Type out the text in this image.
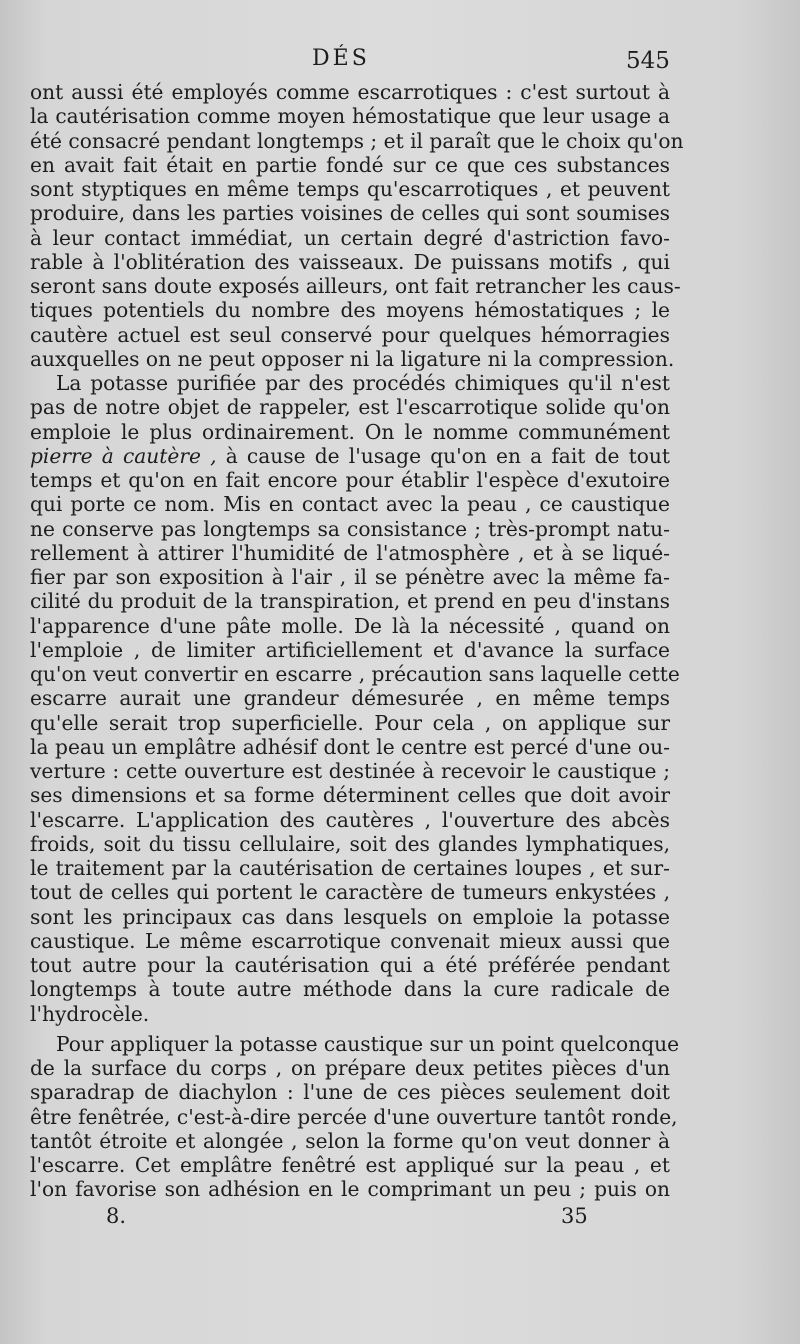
DÉS	545
ont aussi été employés comme escarrotiques : c'est surtout à
la cautérisation comme moyen hémostatique que leur usage a
été consacré pendant longtemps ; et il paraît que le choix qu'on
en avait fait était en partie fondé sur ce que ces substances
sont styptiques en même temps qu'escarrotiques , et peuvent
produire, dans les parties voisines de celles qui sont soumises
à leur contact immédiat, un certain degré d'astriction favo-
rable à l'oblitération des vaisseaux. De puissans motifs , qui
seront sans doute exposés ailleurs, ont fait retrancher les caus-
tiques potentiels du nombre des moyens hémostatiques ; le
cautère actuel est seul conservé pour quelques hémorragies
auxquelles on ne peut opposer ni la ligature ni la compression.
La potasse purifiée par des procédés chimiques qu'il n'est
pas de notre objet de rappeler, est l'escarrotique solide qu'on
emploie le plus ordinairement. On le nomme communément
pierre à cautère , à cause de l'usage qu'on en a fait de tout
temps et qu'on en fait encore pour établir l'espèce d'exutoire
qui porte ce nom. Mis en contact avec la peau , ce caustique
ne conserve pas longtemps sa consistance ; très-prompt natu-
rellement à attirer l'humidité de l'atmosphère , et à se liqué-
fier par son exposition à l'air , il se pénètre avec la même fa-
cilité du produit de la transpiration, et prend en peu d'instans
l'apparence d'une pâte molle. De là la nécessité , quand on
l'emploie , de limiter artificiellement et d'avance la surface
qu'on veut convertir en escarre , précaution sans laquelle cette
escarre aurait une grandeur démesurée , en même temps
qu'elle serait trop superficielle. Pour cela , on applique sur
la peau un emplâtre adhésif dont le centre est percé d'une ou-
verture : cette ouverture est destinée à recevoir le caustique ;
ses dimensions et sa forme déterminent celles que doit avoir
l'escarre. L'application des cautères , l'ouverture des abcès
froids, soit du tissu cellulaire, soit des glandes lymphatiques,
le traitement par la cautérisation de certaines loupes , et sur-
tout de celles qui portent le caractère de tumeurs enkystées ,
sont les principaux cas dans lesquels on emploie la potasse
caustique. Le même escarrotique convenait mieux aussi que
tout autre pour la cautérisation qui a été préférée pendant
longtemps à toute autre méthode dans la cure radicale de
l'hydrocèle.
Pour appliquer la potasse caustique sur un point quelconque
de la surface du corps , on prépare deux petites pièces d'un
sparadrap de diachylon : l'une de ces pièces seulement doit
être fenêtrée, c'est-à-dire percée d'une ouverture tantôt ronde,
tantôt étroite et alongée , selon la forme qu'on veut donner à
l'escarre. Cet emplâtre fenêtré est appliqué sur la peau , et
l'on favorise son adhésion en le comprimant un peu ; puis on
8.	35
